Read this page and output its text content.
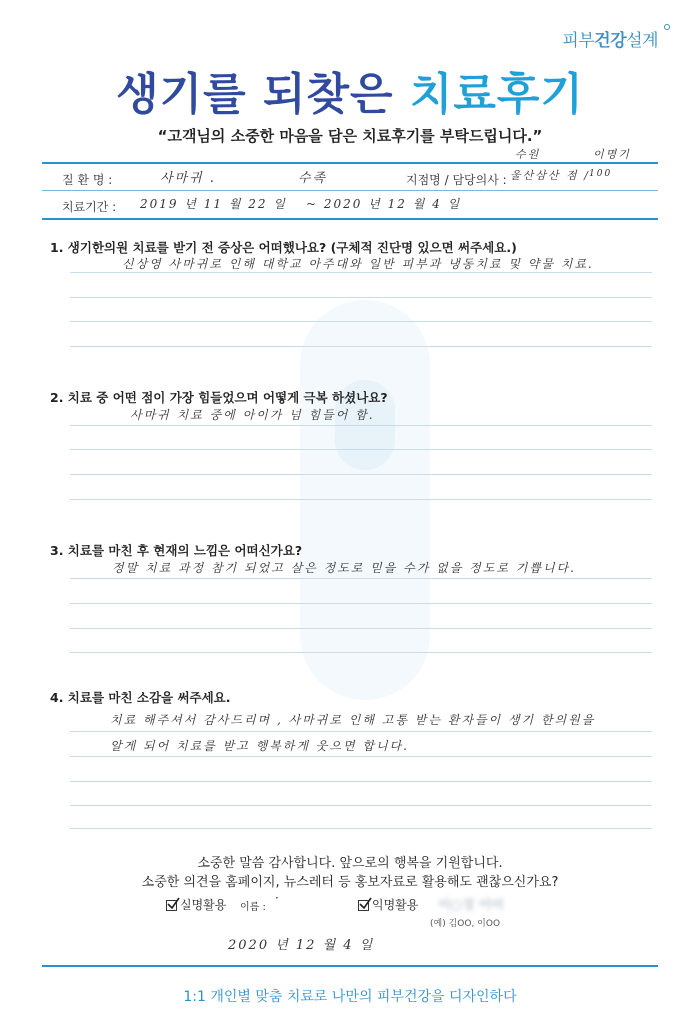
피부건강설계
생기를 되찾은 치료후기
“고객님의 소중한 마음을 담은 치료후기를 부탁드립니다.”
수원	이명기
질 환 명 :	사마귀 .	수족	지점명 / 담당의사 : 울산삼산 점 / 100
치료기간 : 2019 년 11 월 22 일 ~ 2020 년 12 월 4 일
1. 생기한의원 치료를 받기 전 증상은 어떠했나요? (구체적 진단명 있으면 써주세요.)
신상영 사마귀로 인해 대학교 아주대와 일반 피부과 냉동치료 및 약물 치료.
2. 치료 중 어떤 점이 가장 힘들었으며 어떻게 극복 하셨나요?
사마귀 치료 중에 아이가 넘 힘들어 함.
3. 치료를 마친 후 현재의 느낌은 어떠신가요?
정말 치료 과정 참기 되었고 살은 정도로 믿을 수가 없을 정도로 기쁩니다.
4. 치료를 마친 소감을 써주세요.
치료 해주셔서 감사드리며 , 사마귀로 인해 고통 받는 환자들이 생기 한의원을
알게 되어 치료를 받고 행복하게 웃으면 합니다.
소중한 말씀 감사합니다. 앞으로의 행복을 기원합니다.
소중한 의견을 홈페이지, 뉴스레터 등 홍보자료로 활용해도 괜찮으신가요?
실명활용 이름 :
·	익명활용 이○정 어머
(예) 김OO, 이OO
2020 년 12 월 4 일
1:1 개인별 맞춤 치료로 나만의 피부건강을 디자인하다
